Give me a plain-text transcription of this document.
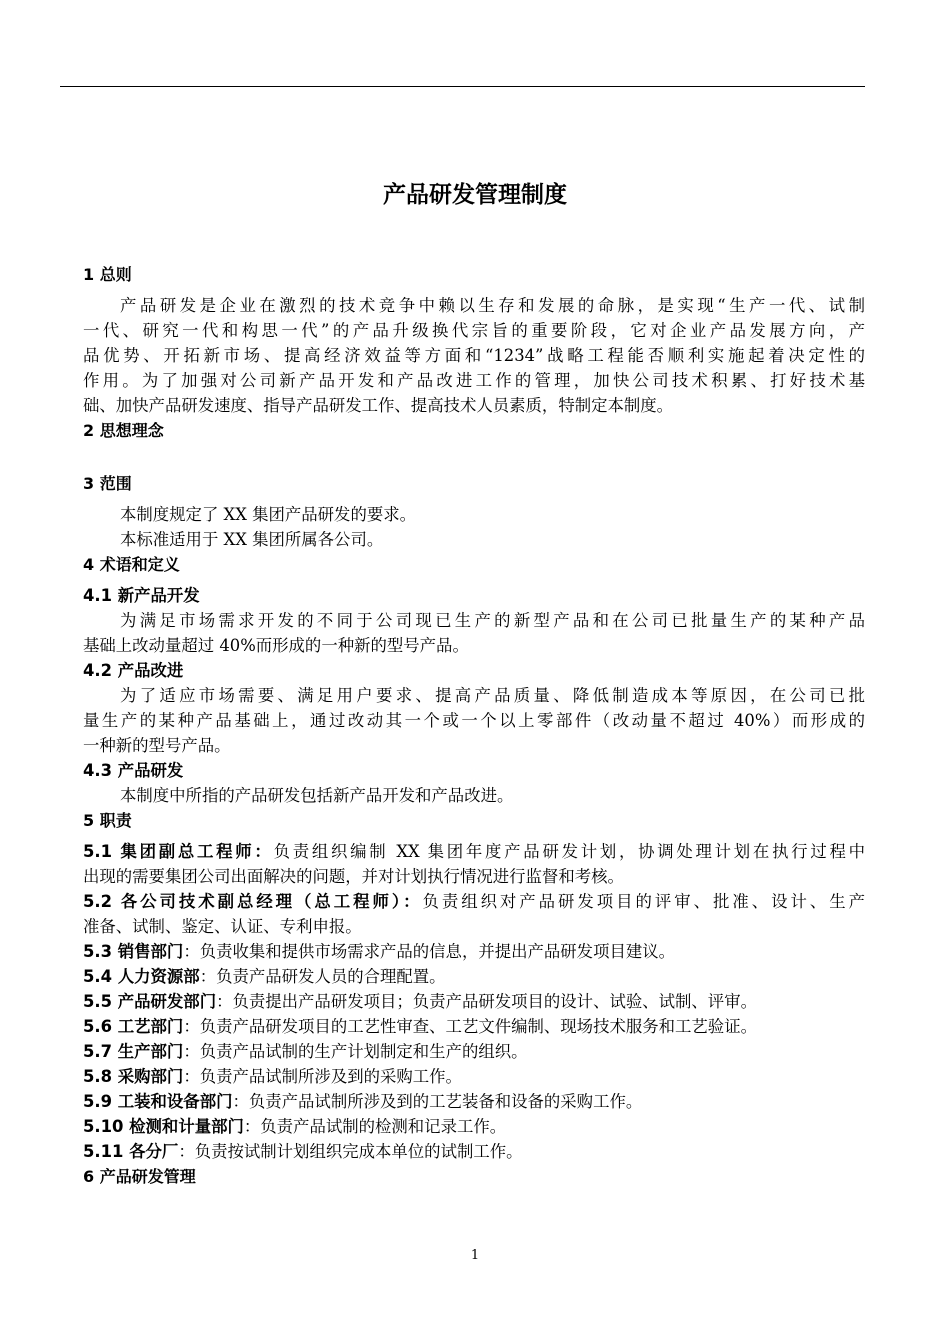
产品研发管理制度
1 总则
产品研发是企业在激烈的技术竞争中赖以生存和发展的命脉，是实现“生产一代、试制
一代、研究一代和构思一代”的产品升级换代宗旨的重要阶段，它对企业产品发展方向，产
品优势、开拓新市场、提高经济效益等方面和“1234”战略工程能否顺利实施起着决定性的
作用。为了加强对公司新产品开发和产品改进工作的管理，加快公司技术积累、打好技术基
础、加快产品研发速度、指导产品研发工作、提高技术人员素质，特制定本制度。
2 思想理念
3 范围
本制度规定了 XX 集团产品研发的要求。
本标准适用于 XX 集团所属各公司。
4 术语和定义
4.1 新产品开发
为满足市场需求开发的不同于公司现已生产的新型产品和在公司已批量生产的某种产品
基础上改动量超过 40%而形成的一种新的型号产品。
4.2 产品改进
为了适应市场需要、满足用户要求、提高产品质量、降低制造成本等原因，在公司已批
量生产的某种产品基础上，通过改动其一个或一个以上零部件（改动量不超过 40%）而形成的
一种新的型号产品。
4.3 产品研发
本制度中所指的产品研发包括新产品开发和产品改进。
5 职责
5.1 集团副总工程师：负责组织编制 XX 集团年度产品研发计划，协调处理计划在执行过程中
出现的需要集团公司出面解决的问题，并对计划执行情况进行监督和考核。
5.2 各公司技术副总经理（总工程师）：负责组织对产品研发项目的评审、批准、设计、生产
准备、试制、鉴定、认证、专利申报。
5.3 销售部门：负责收集和提供市场需求产品的信息，并提出产品研发项目建议。
5.4 人力资源部：负责产品研发人员的合理配置。
5.5 产品研发部门：负责提出产品研发项目；负责产品研发项目的设计、试验、试制、评审。
5.6 工艺部门：负责产品研发项目的工艺性审查、工艺文件编制、现场技术服务和工艺验证。
5.7 生产部门：负责产品试制的生产计划制定和生产的组织。
5.8 采购部门：负责产品试制所涉及到的采购工作。
5.9 工装和设备部门：负责产品试制所涉及到的工艺装备和设备的采购工作。
5.10 检测和计量部门：负责产品试制的检测和记录工作。
5.11 各分厂：负责按试制计划组织完成本单位的试制工作。
6 产品研发管理
1
